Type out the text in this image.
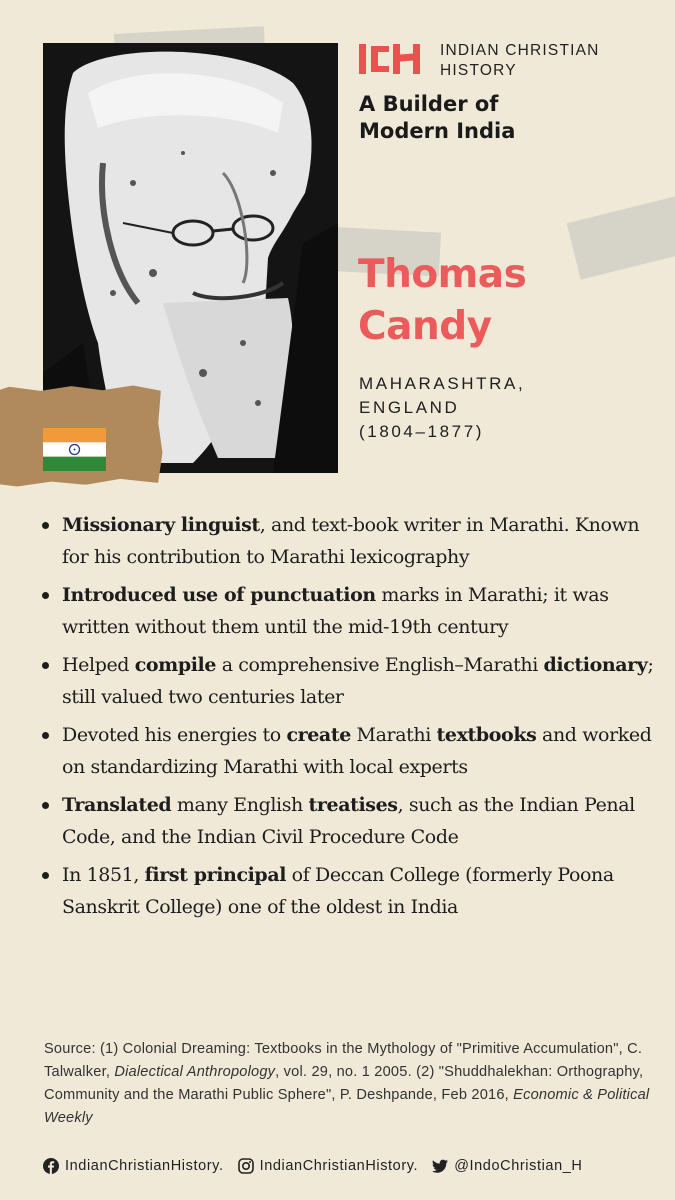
INDIAN CHRISTIAN
HISTORY
A Builder of
Modern India
Thomas
Candy
MAHARASHTRA,
ENGLAND
(1804–1877)
Missionary linguist, and text-book writer in Marathi. Known for his contribution to Marathi lexicography
Introduced use of punctuation marks in Marathi; it was written without them until the mid-19th century
Helped compile a comprehensive English–Marathi dictionary; still valued two centuries later
Devoted his energies to create Marathi textbooks and worked on standardizing Marathi with local experts
Translated many English treatises, such as the Indian Penal Code, and the Indian Civil Procedure Code
In 1851, first principal of Deccan College (formerly Poona Sanskrit College) one of the oldest in India
Source: (1) Colonial Dreaming: Textbooks in the Mythology of "Primitive Accumulation", C. Talwalker, Dialectical Anthropology, vol. 29, no. 1 2005. (2) "Shuddhalekhan: Orthography, Community and the Marathi Public Sphere", P. Deshpande, Feb 2016, Economic & Political Weekly
IndianChristianHistory. IndianChristianHistory. @IndoChristian_H
